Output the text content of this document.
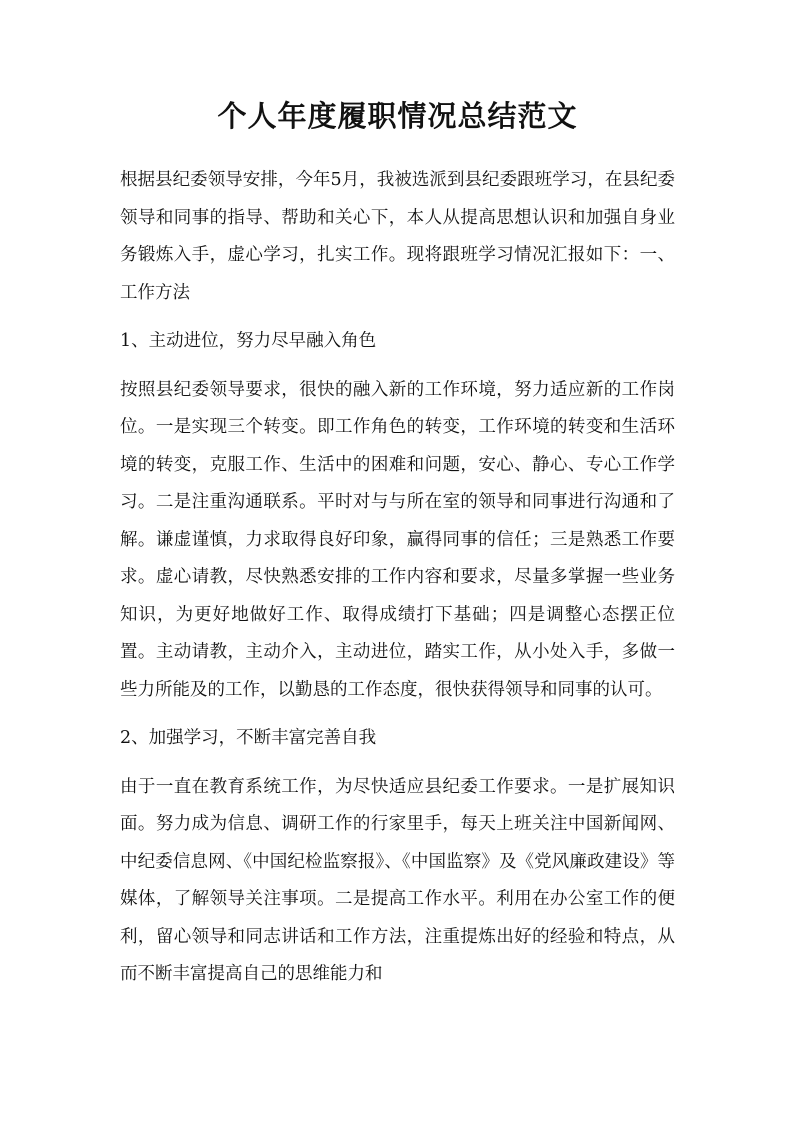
个人年度履职情况总结范文

根据县纪委领导安排，今年5月，我被选派到县纪委跟班学习，在县纪委领导和同事的指导、帮助和关心下，本人从提高思想认识和加强自身业务锻炼入手，虚心学习，扎实工作。现将跟班学习情况汇报如下：一、工作方法

1、主动进位，努力尽早融入角色

按照县纪委领导要求，很快的融入新的工作环境，努力适应新的工作岗位。一是实现三个转变。即工作角色的转变，工作环境的转变和生活环境的转变，克服工作、生活中的困难和问题，安心、静心、专心工作学习。二是注重沟通联系。平时对与与所在室的领导和同事进行沟通和了解。谦虚谨慎，力求取得良好印象，赢得同事的信任；三是熟悉工作要求。虚心请教，尽快熟悉安排的工作内容和要求，尽量多掌握一些业务知识，为更好地做好工作、取得成绩打下基础；四是调整心态摆正位置。主动请教，主动介入，主动进位，踏实工作，从小处入手，多做一些力所能及的工作，以勤恳的工作态度，很快获得领导和同事的认可。

2、加强学习，不断丰富完善自我

由于一直在教育系统工作，为尽快适应县纪委工作要求。一是扩展知识面。努力成为信息、调研工作的行家里手，每天上班关注中国新闻网、中纪委信息网、《中国纪检监察报》、《中国监察》及《党风廉政建设》等媒体，了解领导关注事项。二是提高工作水平。利用在办公室工作的便利，留心领导和同志讲话和工作方法，注重提炼出好的经验和特点，从而不断丰富提高自己的思维能力和
